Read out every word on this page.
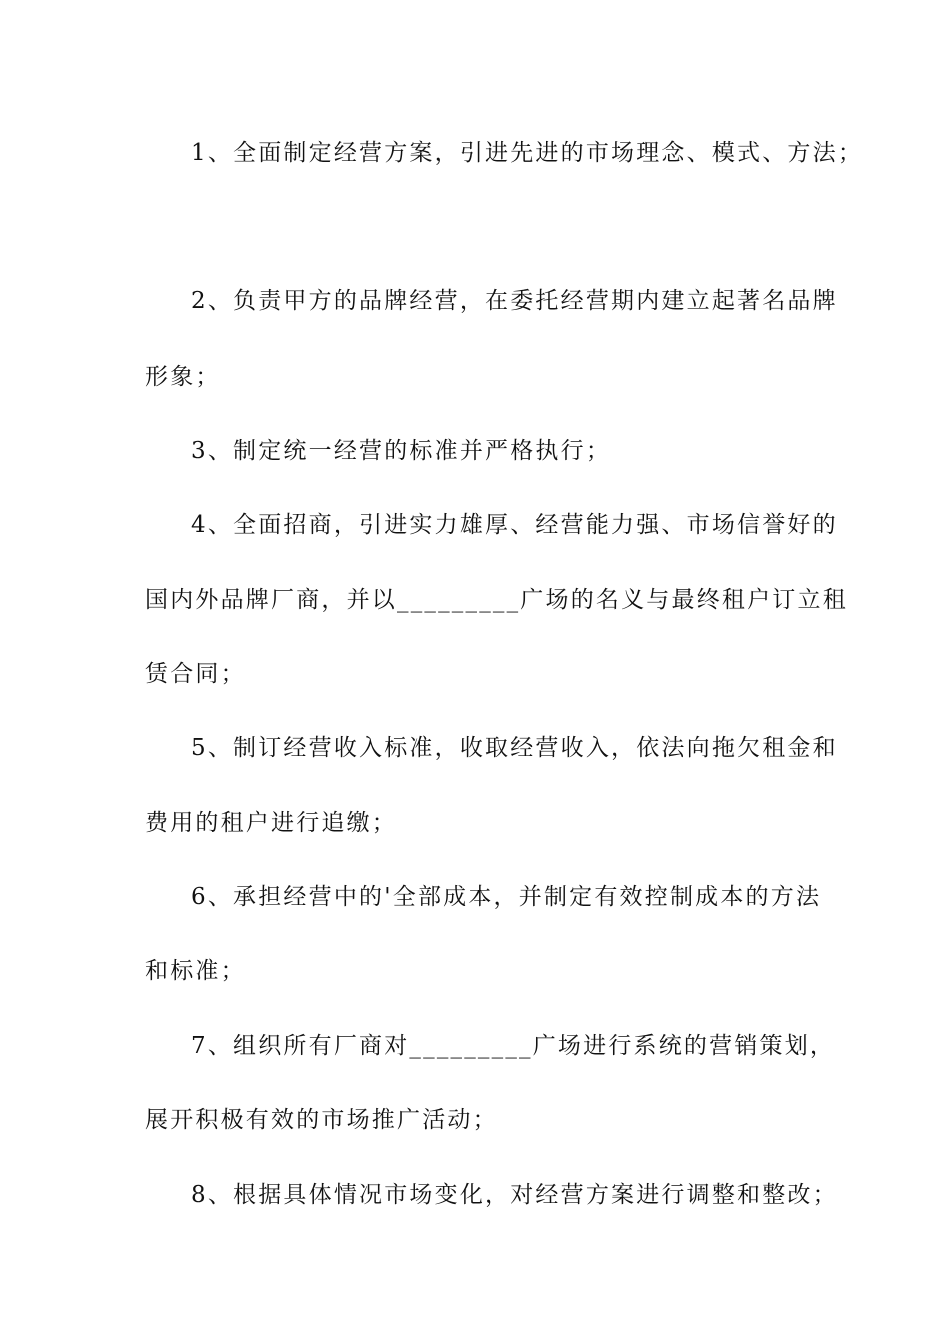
1、全面制定经营方案，引进先进的市场理念、模式、方法；
2、负责甲方的品牌经营，在委托经营期内建立起著名品牌
形象；
3、制定统一经营的标准并严格执行；
4、全面招商，引进实力雄厚、经营能力强、市场信誉好的
国内外品牌厂商，并以_________广场的名义与最终租户订立租
赁合同；
5、制订经营收入标准，收取经营收入，依法向拖欠租金和
费用的租户进行追缴；
6、承担经营中的'全部成本，并制定有效控制成本的方法
和标准；
7、组织所有厂商对_________广场进行系统的营销策划，
展开积极有效的市场推广活动；
8、根据具体情况市场变化，对经营方案进行调整和整改；
